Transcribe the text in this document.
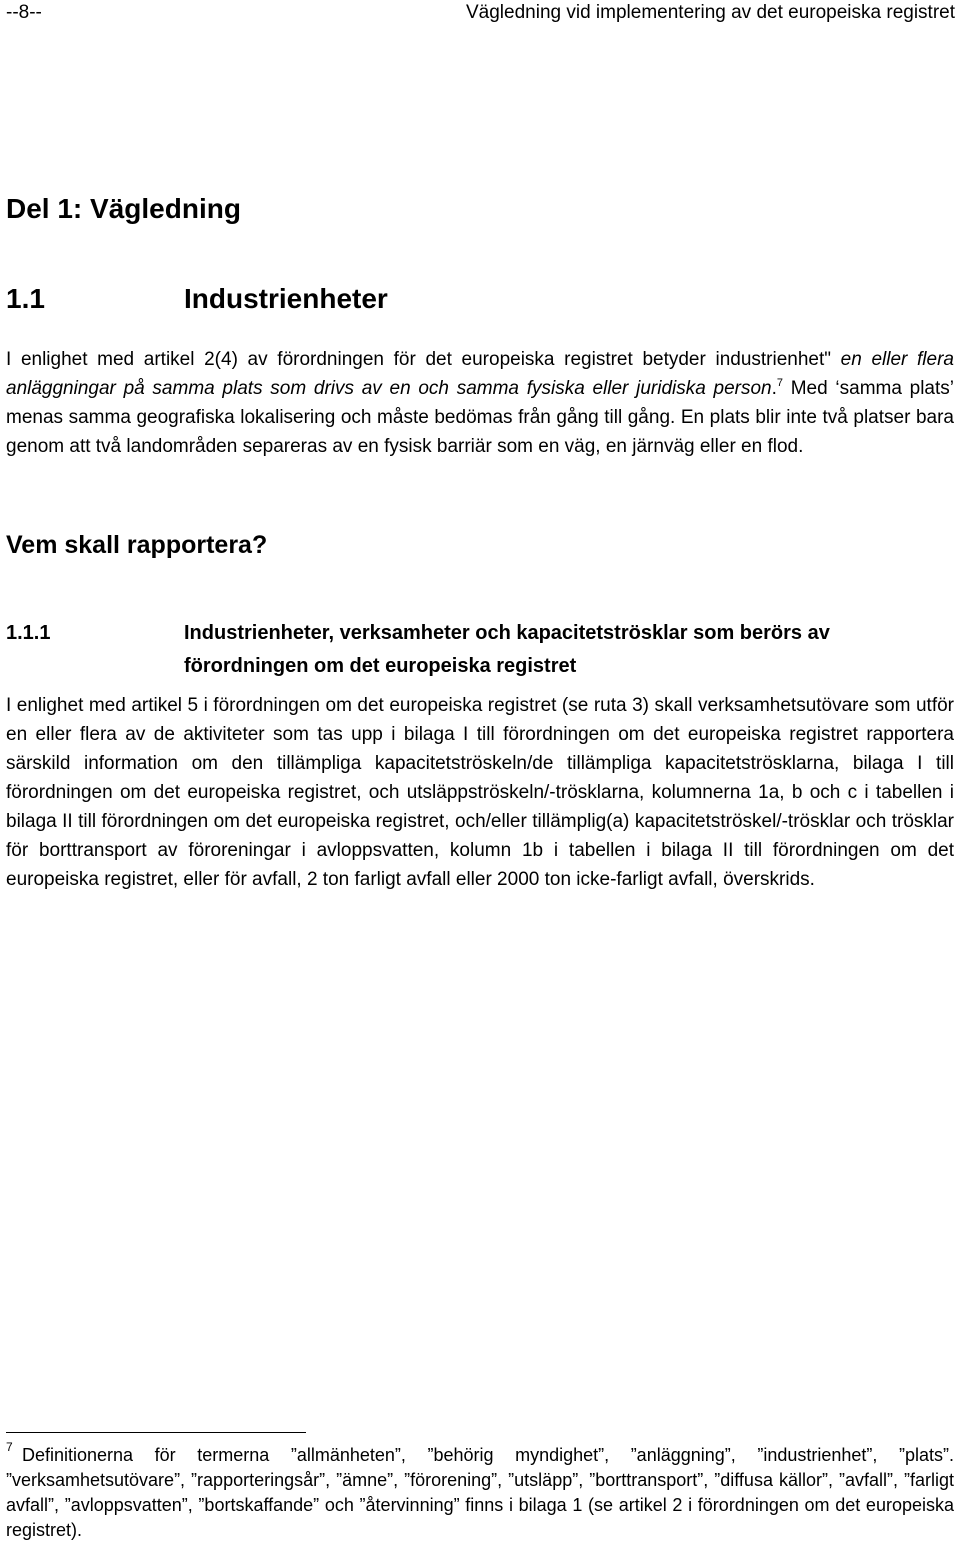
--8--	Vägledning vid implementering av det europeiska registret
Del 1: Vägledning
1.1	Industrienheter
I enlighet med artikel 2(4) av förordningen för det europeiska registret betyder industrienhet" en eller flera anläggningar på samma plats som drivs av en och samma fysiska eller juridiska person.$^7$ Med ‘samma plats’ menas samma geografiska lokalisering och måste bedömas från gång till gång. En plats blir inte två platser bara genom att två landområden separeras av en fysisk barriär som en väg, en järnväg eller en flod.
Vem skall rapportera?
1.1.1	Industrienheter, verksamheter och kapacitetströsklar som berörs av förordningen om det europeiska registret
I enlighet med artikel 5 i förordningen om det europeiska registret (se ruta 3) skall verksamhetsutövare som utför en eller flera av de aktiviteter som tas upp i bilaga I till förordningen om det europeiska registret rapportera särskild information om den tillämpliga kapacitetströskeln/de tillämpliga kapacitetströsklarna, bilaga I till förordningen om det europeiska registret, och utsläppströskeln/-trösklarna, kolumnerna 1a, b och c i tabellen i bilaga II till förordningen om det europeiska registret, och/eller tillämplig(a) kapacitetströskel/-trösklar och trösklar för borttransport av föroreningar i avloppsvatten, kolumn 1b i tabellen i bilaga II till förordningen om det europeiska registret, eller för avfall, 2 ton farligt avfall eller 2000 ton icke-farligt avfall, överskrids.
7 Definitionerna för termerna ”allmänheten”, ”behörig myndighet”, ”anläggning”, ”industrienhet”, ”plats”. ”verksamhetsutövare”, ”rapporteringsår”, ”ämne”, ”förorening”, ”utsläpp”, ”borttransport”, ”diffusa källor”, ”avfall”, ”farligt avfall”, ”avloppsvatten”, ”bortskaffande” och ”återvinning” finns i bilaga 1 (se artikel 2 i förordningen om det europeiska registret).
